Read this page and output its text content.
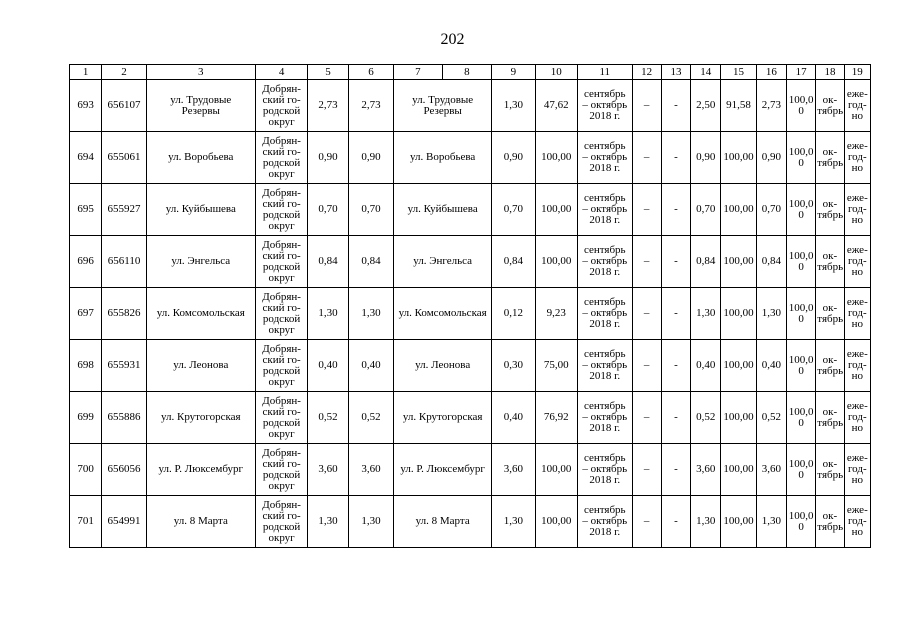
202
1	2	3	4	5	6	7	8	9	10	11	12	13	14	15	16	17	18	19
693	656107	ул. Трудовые
Резервы	Добрян-
ский го-
родской
округ	2,73	2,73	ул. Трудовые
Резервы		1,30	47,62	сентябрь
– октябрь
2018 г.	–	-	2,50	91,58	2,73	100,0
0	ок-
тябрь	еже-
год-
но

694	655061	ул. Воробьева	Добрян-
ский го-
родской
округ	0,90	0,90	ул. Воробьева		0,90	100,00	сентябрь
– октябрь
2018 г.	–	-	0,90	100,00	0,90	100,0
0	ок-
тябрь	еже-
год-
но

695	655927	ул. Куйбышева	Добрян-
ский го-
родской
округ	0,70	0,70	ул. Куйбышева		0,70	100,00	сентябрь
– октябрь
2018 г.	–	-	0,70	100,00	0,70	100,0
0	ок-
тябрь	еже-
год-
но

696	656110	ул. Энгельса	Добрян-
ский го-
родской
округ	0,84	0,84	ул. Энгельса		0,84	100,00	сентябрь
– октябрь
2018 г.	–	-	0,84	100,00	0,84	100,0
0	ок-
тябрь	еже-
год-
но

697	655826	ул. Комсомольская	Добрян-
ский го-
родской
округ	1,30	1,30	ул. Комсомольская		0,12	9,23	сентябрь
– октябрь
2018 г.	–	-	1,30	100,00	1,30	100,0
0	ок-
тябрь	еже-
год-
но

698	655931	ул. Леонова	Добрян-
ский го-
родской
округ	0,40	0,40	ул. Леонова		0,30	75,00	сентябрь
– октябрь
2018 г.	–	-	0,40	100,00	0,40	100,0
0	ок-
тябрь	еже-
год-
но

699	655886	ул. Крутогорская	Добрян-
ский го-
родской
округ	0,52	0,52	ул. Крутогорская		0,40	76,92	сентябрь
– октябрь
2018 г.	–	-	0,52	100,00	0,52	100,0
0	ок-
тябрь	еже-
год-
но

700	656056	ул. Р. Люксембург	Добрян-
ский го-
родской
округ	3,60	3,60	ул. Р. Люксембург		3,60	100,00	сентябрь
– октябрь
2018 г.	–	-	3,60	100,00	3,60	100,0
0	ок-
тябрь	еже-
год-
но

701	654991	ул. 8 Марта	Добрян-
ский го-
родской
округ	1,30	1,30	ул. 8 Марта		1,30	100,00	сентябрь
– октябрь
2018 г.	–	-	1,30	100,00	1,30	100,0
0	ок-
тябрь	еже-
год-
но
